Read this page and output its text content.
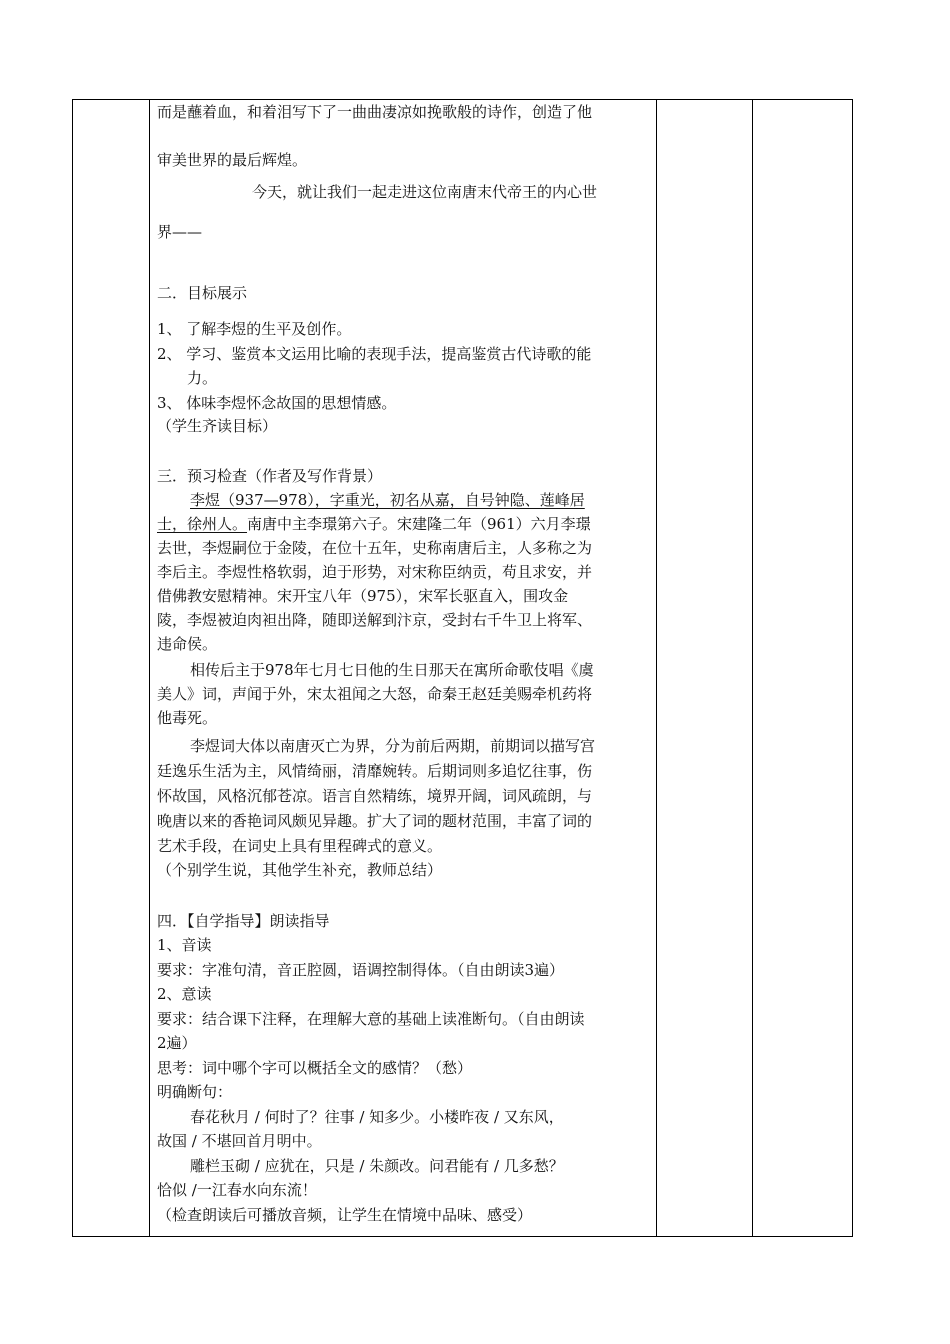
而是蘸着血，和着泪写下了一曲曲凄凉如挽歌般的诗作，创造了他
审美世界的最后辉煌。
今天，就让我们一起走进这位南唐末代帝王的内心世
界——
二．目标展示
1、 了解李煜的生平及创作。
2、 学习、鉴赏本文运用比喻的表现手法，提高鉴赏古代诗歌的能
力。
3、 体味李煜怀念故国的思想情感。
（学生齐读目标）
三．预习检查（作者及写作背景）
李煜（937—978），字重光，初名从嘉，自号钟隐、莲峰居
士，徐州人。南唐中主李璟第六子。宋建隆二年（961）六月李璟
去世，李煜嗣位于金陵，在位十五年，史称南唐后主，人多称之为
李后主。李煜性格软弱，迫于形势，对宋称臣纳贡，苟且求安，并
借佛教安慰精神。宋开宝八年（975），宋军长驱直入，围攻金
陵，李煜被迫肉袒出降，随即送解到汴京，受封右千牛卫上将军、
违命侯。
相传后主于978年七月七日他的生日那天在寓所命歌伎唱《虞
美人》词，声闻于外，宋太祖闻之大怒，命秦王赵廷美赐牵机药将
他毒死。
李煜词大体以南唐灭亡为界，分为前后两期，前期词以描写宫
廷逸乐生活为主，风情绮丽，清靡婉转。后期词则多追忆往事，伤
怀故国，风格沉郁苍凉。语言自然精练，境界开阔，词风疏朗，与
晚唐以来的香艳词风颇见异趣。扩大了词的题材范围，丰富了词的
艺术手段，在词史上具有里程碑式的意义。
（个别学生说，其他学生补充，教师总结）
四．【自学指导】朗读指导
1、音读
要求：字准句清，音正腔圆，语调控制得体。（自由朗读3遍）
2、意读
要求：结合课下注释，在理解大意的基础上读准断句。（自由朗读
2遍）
思考：词中哪个字可以概括全文的感情？（愁）
明确断句：
春花秋月 / 何时了？往事 / 知多少。小楼昨夜 / 又东风，
故国 / 不堪回首月明中。
雕栏玉砌 / 应犹在，只是 / 朱颜改。问君能有 / 几多愁？
恰似 /一江春水向东流！
（检查朗读后可播放音频，让学生在情境中品味、感受）
